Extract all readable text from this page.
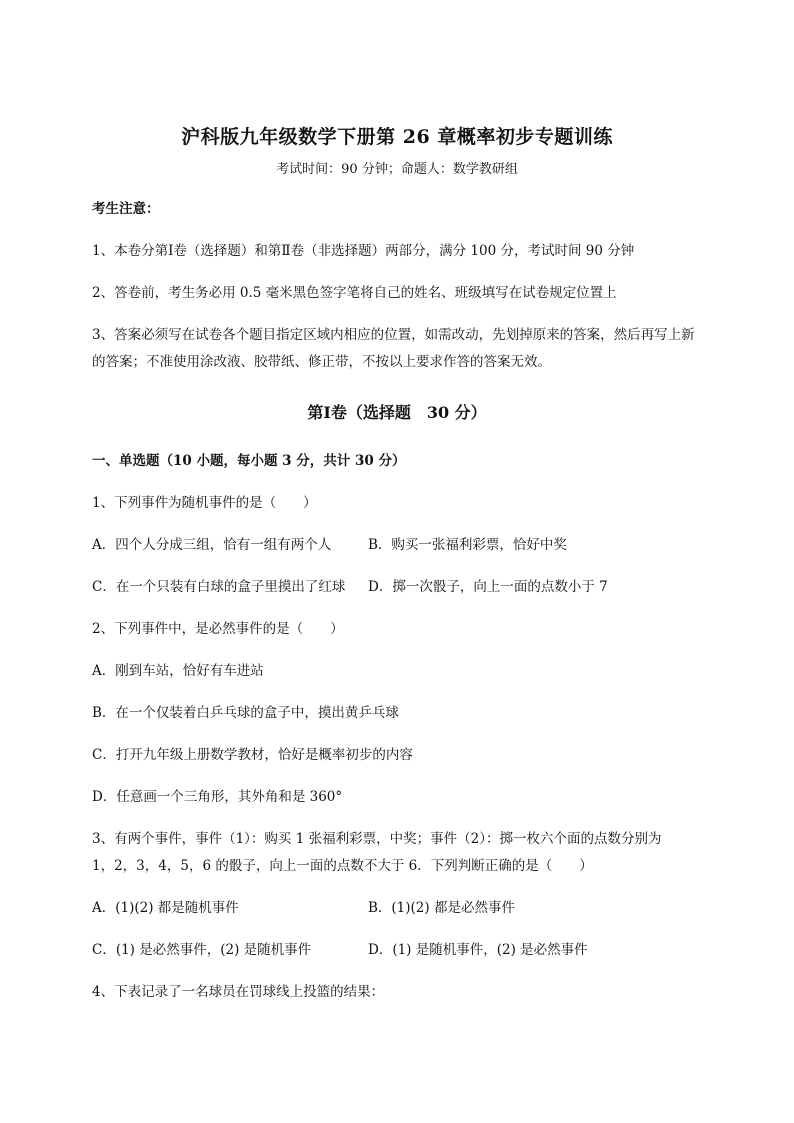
沪科版九年级数学下册第 26 章概率初步专题训练
考试时间：90 分钟；命题人：数学教研组
考生注意：
1、本卷分第Ⅰ卷（选择题）和第Ⅱ卷（非选择题）两部分，满分 100 分，考试时间 90 分钟
2、答卷前，考生务必用 0.5 毫米黑色签字笔将自己的姓名、班级填写在试卷规定位置上
3、答案必须写在试卷各个题目指定区域内相应的位置，如需改动，先划掉原来的答案，然后再写上新
的答案；不准使用涂改液、胶带纸、修正带，不按以上要求作答的答案无效。
第Ⅰ卷（选择题　30 分）
一、单选题（10 小题，每小题 3 分，共计 30 分）
1、下列事件为随机事件的是（　　）
A．四个人分成三组，恰有一组有两个人	B．购买一张福利彩票，恰好中奖
C．在一个只装有白球的盒子里摸出了红球 D．掷一次骰子，向上一面的点数小于 7
2、下列事件中，是必然事件的是（　　）
A．刚到车站，恰好有车进站
B．在一个仅装着白乒乓球的盒子中，摸出黄乒乓球
C．打开九年级上册数学教材，恰好是概率初步的内容
D．任意画一个三角形，其外角和是 360°
3、有两个事件，事件（1）：购买 1 张福利彩票，中奖；事件（2）：掷一枚六个面的点数分别为
1，2，3，4，5，6 的骰子，向上一面的点数不大于 6．下列判断正确的是（　　）
A．(1)(2) 都是随机事件	B．(1)(2) 都是必然事件
C．(1) 是必然事件，(2) 是随机事件	D．(1) 是随机事件，(2) 是必然事件
4、下表记录了一名球员在罚球线上投篮的结果：
